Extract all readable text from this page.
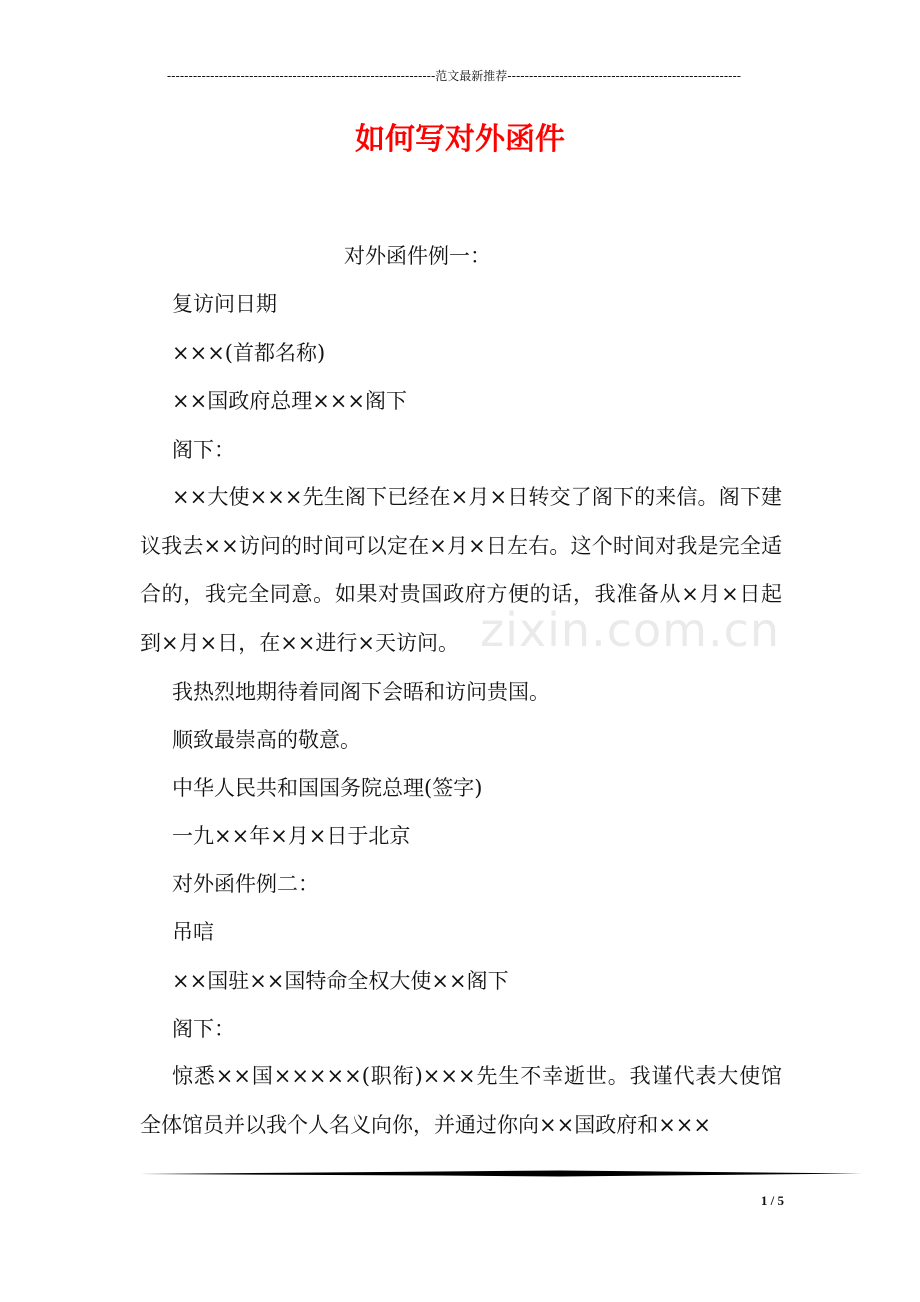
--------------------------------------------------------------范文最新推荐------------------------------------------------------
如何写对外函件
zixin.com.cn
对外函件例一：
复访问日期
×××(首都名称)
××国政府总理×××阁下
阁下：
××大使×××先生阁下已经在×月×日转交了阁下的来信。阁下建议我去××访问的时间可以定在×月×日左右。这个时间对我是完全适合的，我完全同意。如果对贵国政府方便的话，我准备从×月×日起到×月×日，在××进行×天访问。
我热烈地期待着同阁下会晤和访问贵国。
顺致最崇高的敬意。
中华人民共和国国务院总理(签字)
一九××年×月×日于北京
对外函件例二：
吊唁
××国驻××国特命全权大使××阁下
阁下：
惊悉××国×××××(职衔)×××先生不幸逝世。我谨代表大使馆全体馆员并以我个人名义向你，并通过你向××国政府和×××
1 / 5
